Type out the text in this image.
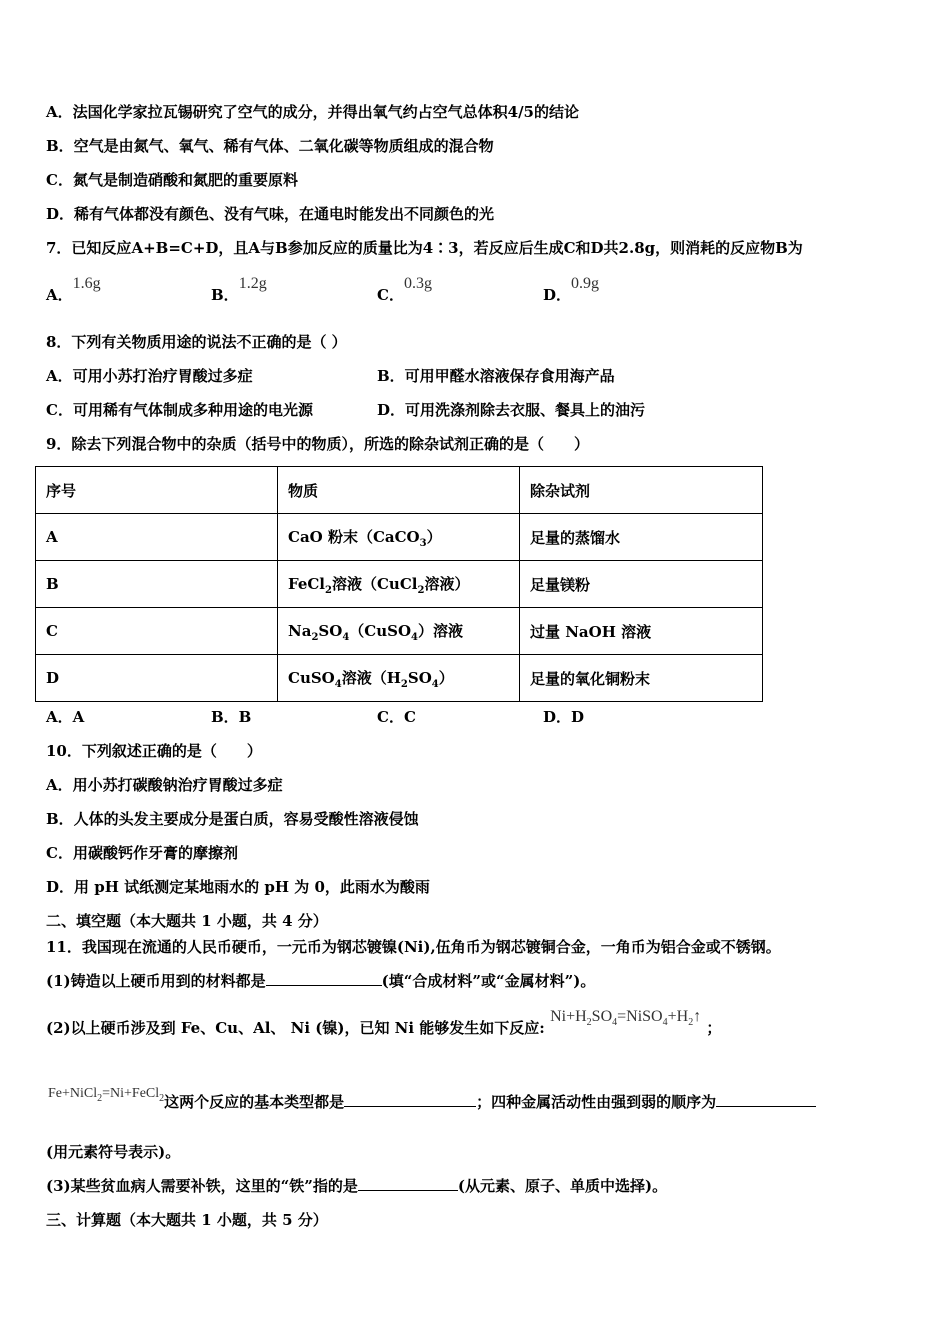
A．法国化学家拉瓦锡研究了空气的成分，并得出氧气约占空气总体积4/5的结论
B．空气是由氮气、氧气、稀有气体、二氧化碳等物质组成的混合物
C．氮气是制造硝酸和氮肥的重要原料
D．稀有气体都没有颜色、没有气味，在通电时能发出不同颜色的光
7．已知反应A+B=C+D，且A与B参加反应的质量比为4∶3，若反应后生成C和D共2.8g，则消耗的反应物B为
A．1.6g
B．1.2g
C．0.3g
D．0.9g
8．下列有关物质用途的说法不正确的是（ ）
A．可用小苏打治疗胃酸过多症	B．可用甲醛水溶液保存食用海产品
C．可用稀有气体制成多种用途的电光源	D．可用洗涤剂除去衣服、餐具上的油污
9．除去下列混合物中的杂质（括号中的物质），所选的除杂试剂正确的是（　　）
序号	物质	除杂试剂
A	CaO 粉末（CaCO$_3$）	足量的蒸馏水
B	FeCl$_2$溶液（CuCl$_2$溶液）	足量镁粉
C	$Na_2SO_4(CuSO_4)$溶液	过量 NaOH 溶液
D	CuSO$_4$溶液$(H_2SO_4)$	足量的氧化铜粉末
A．A	B．B	C．C	D．D
10．下列叙述正确的是（　　）
A．用小苏打碳酸钠治疗胃酸过多症
B．人体的头发主要成分是蛋白质，容易受酸性溶液侵蚀
C．用碳酸钙作牙膏的摩擦剂
D．用 pH 试纸测定某地雨水的 pH 为 0，此雨水为酸雨
二、填空题（本大题共 1 小题，共 4 分）
11．我国现在流通的人民币硬币，一元币为钢芯镀镍(Ni),伍角币为钢芯镀铜合金，一角币为铝合金或不锈钢。
(1)铸造以上硬币用到的材料都是	(填“合成材料”或“金属材料”)。
(2)以上硬币涉及到 Fe、Cu、Al、 Ni (镍)，已知 Ni 能够发生如下反应: $Ni+H_2SO_4=NiSO_4+H_2↑$ ；
Fe+NiCl$_2$=Ni+FeCl$_2$这两个反应的基本类型都是	；四种金属活动性由强到弱的顺序为
(用元素符号表示)。
(3)某些贫血病人需要补铁，这里的“铁”指的是	(从元素、原子、单质中选择)。
三、计算题（本大题共 1 小题，共 5 分）
